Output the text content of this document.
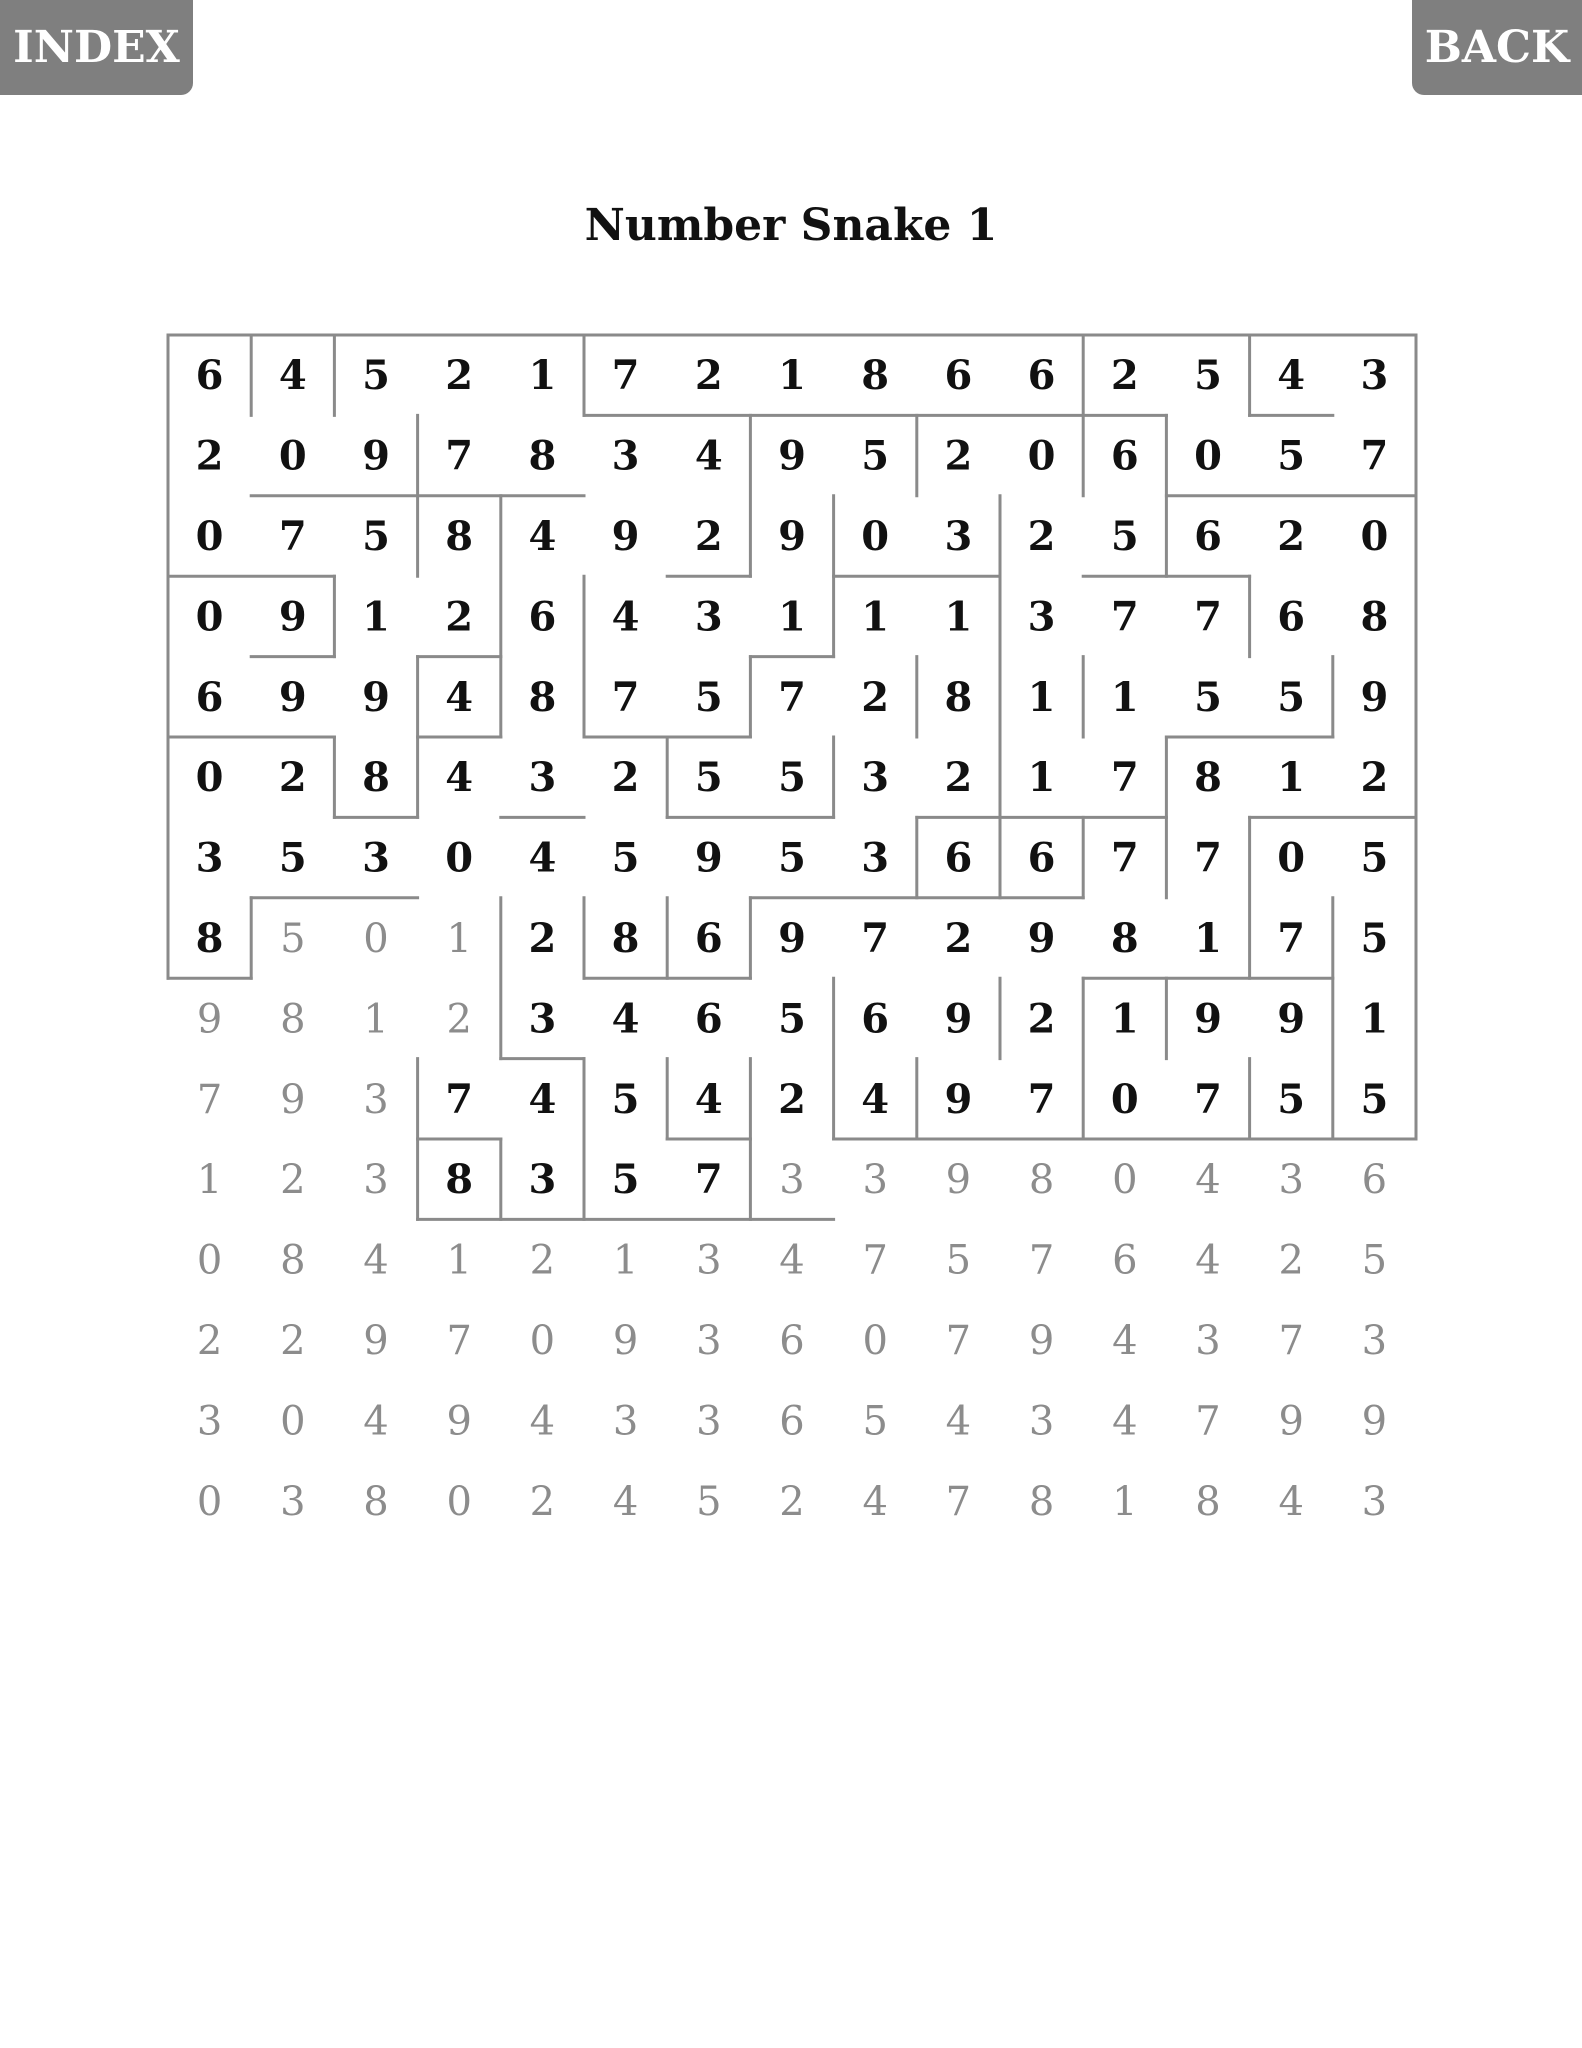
INDEX	BACK
Number Snake 1
6 4 5 2 1 7 2 1 8 6 6 2 5 4 3
2 0 9 7 8 3 4 9 5 2 0 6 0 5 7
0 7 5 8 4 9 2 9 0 3 2 5 6 2 0
0 9 1 2 6 4 3 1 1 1 3 7 7 6 8
6 9 9 4 8 7 5 7 2 8 1 1 5 5 9
0 2 8 4 3 2 5 5 3 2 1 7 8 1 2
3 5 3 0 4 5 9 5 3 6 6 7 7 0 5
8 5 0 1 2 8 6 9 7 2 9 8 1 7 5
9 8 1 2 3 4 6 5 6 9 2 1 9 9 1
7 9 3 7 4 5 4 2 4 9 7 0 7 5 5
1 2 3 8 3 5 7 3 3 9 8 0 4 3 6
0 8 4 1 2 1 3 4 7 5 7 6 4 2 5
2 2 9 7 0 9 3 6 0 7 9 4 3 7 3
3 0 4 9 4 3 3 6 5 4 3 4 7 9 9
0 3 8 0 2 4 5 2 4 7 8 1 8 4 3
